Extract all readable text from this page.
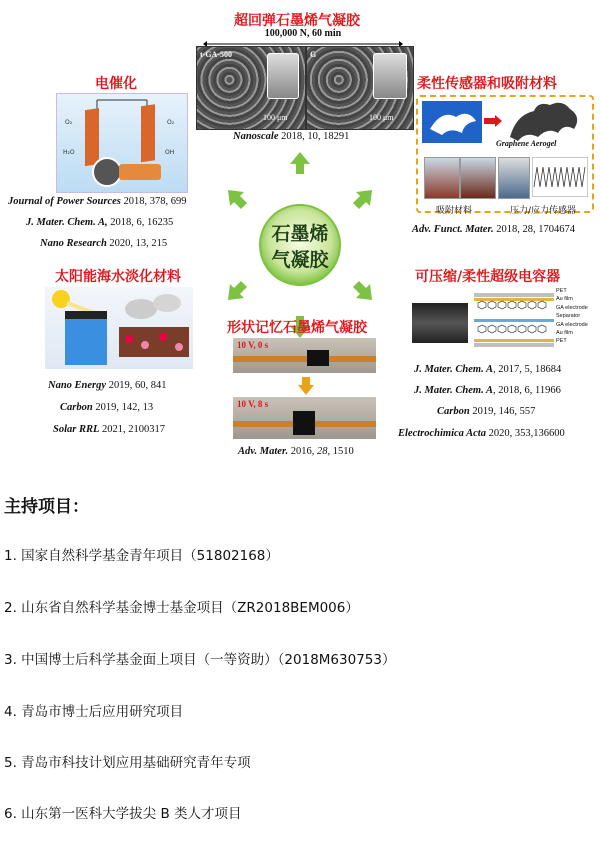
超回弹石墨烯气凝胶
100,000 N, 60 min
t-GA-500
100 μm
G
100 μm
Nanoscale 2018, 10, 18291
电催化
O₂	O₂
H₂O	OH
Journal of Power Sources 2018, 378, 699
J. Mater. Chem. A, 2018, 6, 16235
Nano Research 2020, 13, 215
柔性传感器和吸附材料
Graphene Aerogel
吸附材料	压力/应力传感器
Adv. Funct. Mater. 2018, 28, 1704674
石墨烯
气凝胶
太阳能海水淡化材料
Nano Energy 2019, 60, 841
Carbon 2019, 142, 13
Solar RRL 2021, 2100317
形状记忆石墨烯气凝胶
10 V, 0 s
10 V, 8 s
Adv. Mater. 2016, 28, 1510
可压缩/柔性超级电容器
PET
Au film
GA electrode
Separator
GA electrode
Au film
PET
J. Mater. Chem. A, 2017, 5, 18684
J. Mater. Chem. A, 2018, 6, 11966
Carbon 2019, 146, 557
Electrochimica Acta 2020, 353,136600
主持项目：
1. 国家自然科学基金青年项目（51802168）
2. 山东省自然科学基金博士基金项目（ZR2018BEM006）
3. 中国博士后科学基金面上项目（一等资助）（2018M630753）
4. 青岛市博士后应用研究项目
5. 青岛市科技计划应用基础研究青年专项
6. 山东第一医科大学拔尖 B 类人才项目
